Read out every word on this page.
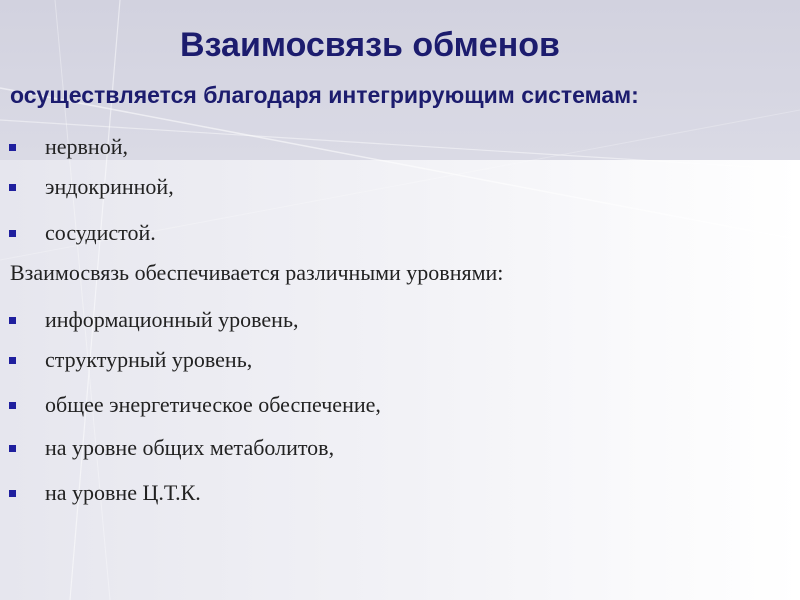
Взаимосвязь обменов
осуществляется благодаря интегрирующим системам:
нервной,
эндокринной,
сосудистой.
Взаимосвязь обеспечивается различными уровнями:
информационный уровень,
структурный уровень,
общее энергетическое обеспечение,
на уровне общих метаболитов,
на уровне Ц.Т.К.
